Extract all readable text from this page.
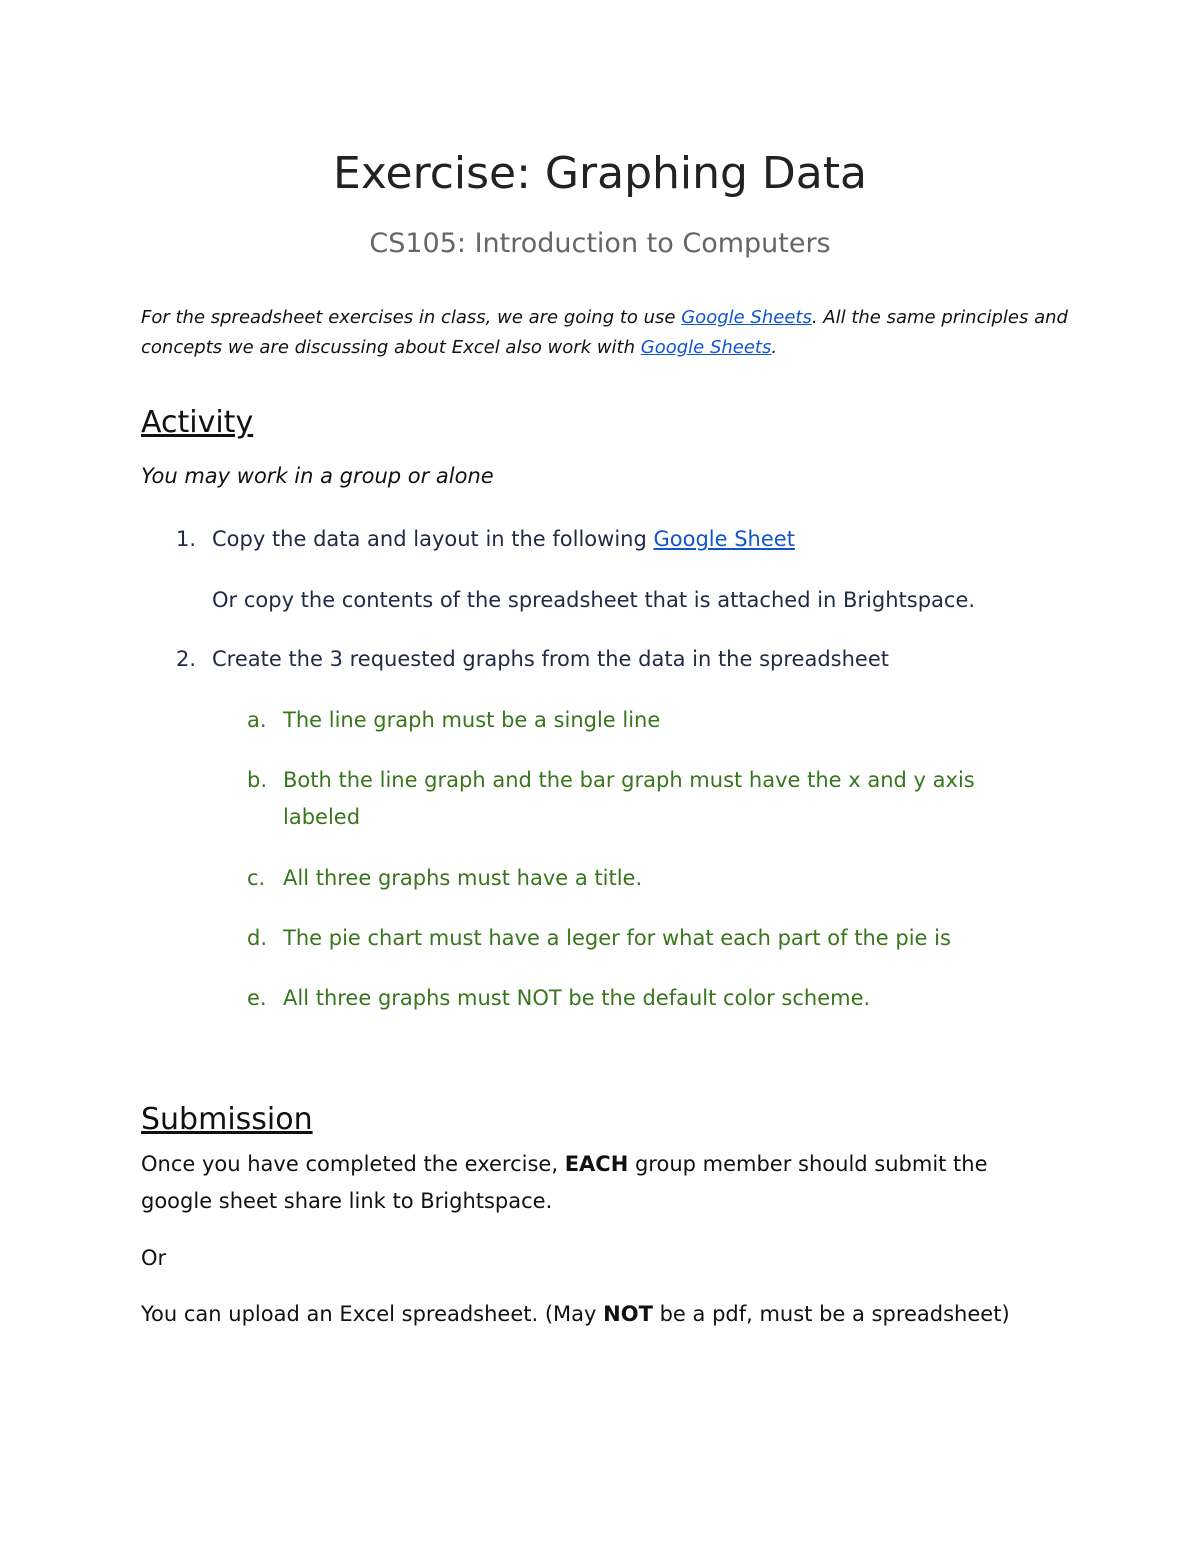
Exercise: Graphing Data
CS105: Introduction to Computers
For the spreadsheet exercises in class, we are going to use Google Sheets. All the same principles and
concepts we are discussing about Excel also work with Google Sheets.
Activity
You may work in a group or alone
1. Copy the data and layout in the following Google Sheet
Or copy the contents of the spreadsheet that is attached in Brightspace.
2. Create the 3 requested graphs from the data in the spreadsheet
a. The line graph must be a single line
b. Both the line graph and the bar graph must have the x and y axis
labeled
c. All three graphs must have a title.
d. The pie chart must have a leger for what each part of the pie is
e. All three graphs must NOT be the default color scheme.
Submission
Once you have completed the exercise, EACH group member should submit the
google sheet share link to Brightspace.
Or
You can upload an Excel spreadsheet. (May NOT be a pdf, must be a spreadsheet)
